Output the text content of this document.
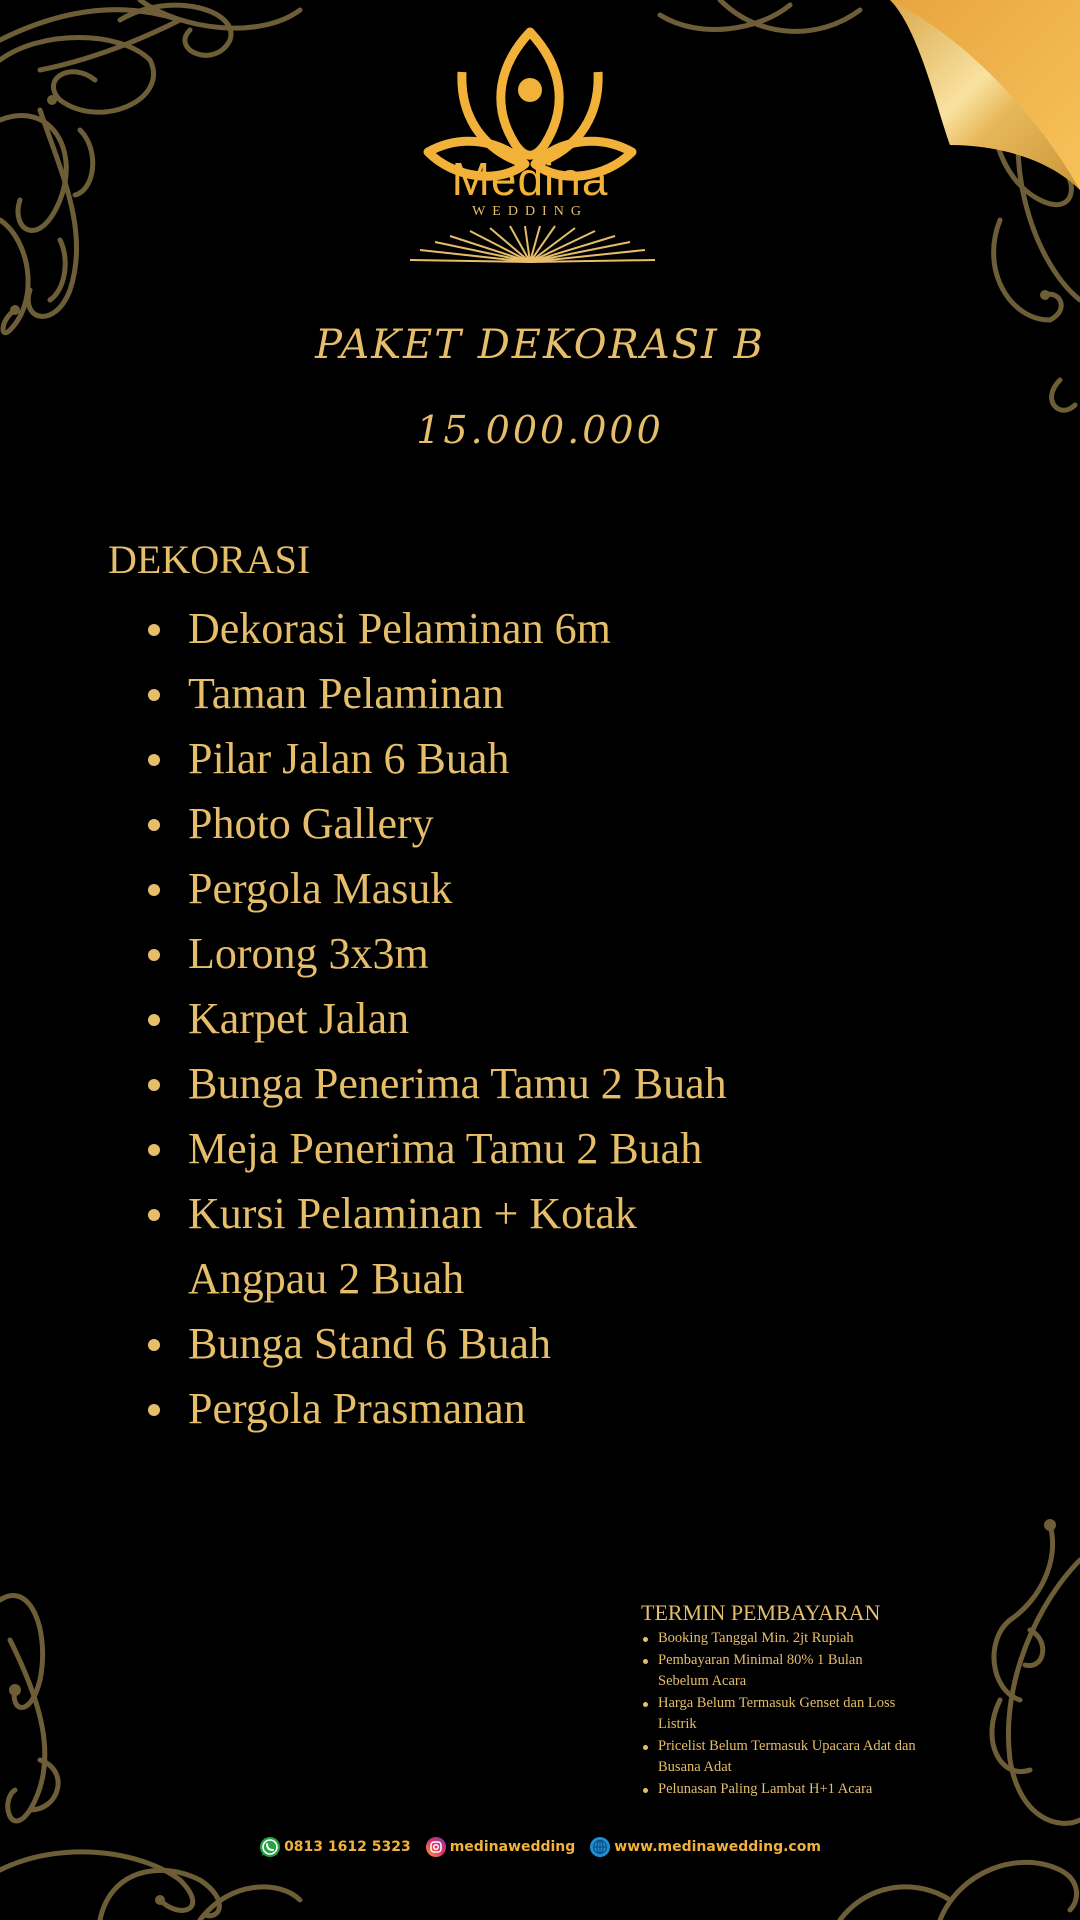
Medina
WEDDING
PAKET DEKORASI B
15.000.000
DEKORASI
Dekorasi Pelaminan 6m
Taman Pelaminan
Pilar Jalan 6 Buah
Photo Gallery
Pergola Masuk
Lorong 3x3m
Karpet Jalan
Bunga Penerima Tamu 2 Buah
Meja Penerima Tamu 2 Buah
Kursi Pelaminan + Kotak Angpau 2 Buah
Bunga Stand 6 Buah
Pergola Prasmanan
TERMIN PEMBAYARAN
Booking Tanggal Min. 2jt Rupiah
Pembayaran Minimal 80% 1 Bulan Sebelum Acara
Harga Belum Termasuk Genset dan Loss Listrik
Pricelist Belum Termasuk Upacara Adat dan Busana Adat
Pelunasan Paling Lambat H+1 Acara
0813 1612 5323	medinawedding	www.medinawedding.com
